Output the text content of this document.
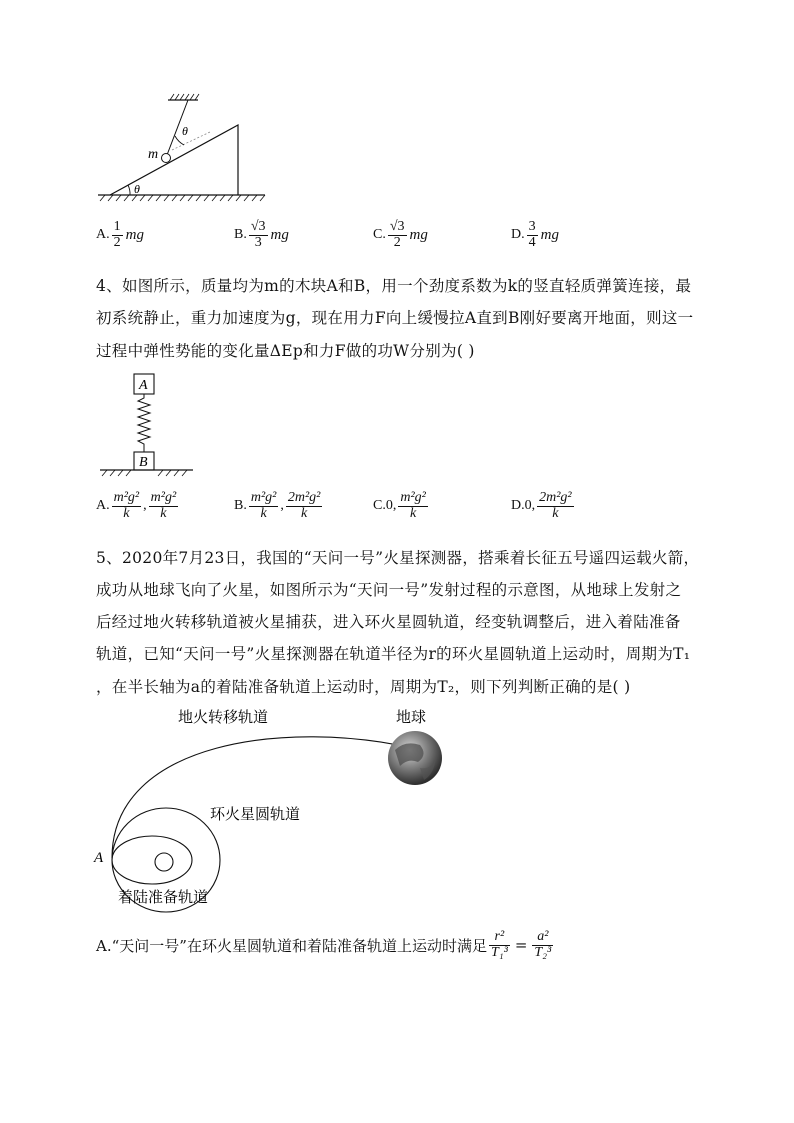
m
θ
θ
A. $\frac{1}{2}$ mg	B. $\frac{√3}{3}$ mg	C. $\frac{√3}{2}$ mg	D. $\frac{3}{4}$ mg
4、如图所示，质量均为m的木块A和B，用一个劲度系数为k的竖直轻质弹簧连接，最
初系统静止，重力加速度为g，现在用力F向上缓慢拉A直到B刚好要离开地面，则这一
过程中弹性势能的变化量ΔEp和力F做的功W分别为( )
A
B
A. $\frac{\text{m²g²}}{k}$ , $\frac{\text{m²g²}}{k}$	B. $\frac{\text{m²g²}}{k}$ , $\frac{\text{2m²g²}}{k}$	C. 0, $\frac{\text{m²g²}}{k}$	D. 0, $\frac{\text{2m²g²}}{k}$
5、2020年7月23日，我国的“天问一号”火星探测器，搭乘着长征五号遥四运载火箭，
成功从地球飞向了火星，如图所示为“天问一号”发射过程的示意图，从地球上发射之
后经过地火转移轨道被火星捕获，进入环火星圆轨道，经变轨调整后，进入着陆准备
轨道，已知“天问一号”火星探测器在轨道半径为r的环火星圆轨道上运动时，周期为T₁
，在半长轴为a的着陆准备轨道上运动时，周期为T₂，则下列判断正确的是( )
地火转移轨道	地球
环火星圆轨道
A
着陆准备轨道
A.“天问一号”在环火星圆轨道和着陆准备轨道上运动时满足 $\frac{\text{r²}}{\text{T₁³}} = \frac{\text{a²}}{\text{T₂³}}$
